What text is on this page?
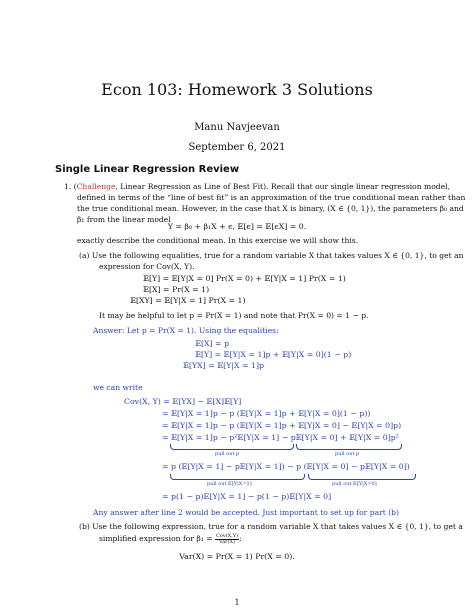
Econ 103: Homework 3 Solutions
Manu Navjeevan
September 6, 2021
Single Linear Regression Review
1. (Challenge, Linear Regression as Line of Best Fit). Recall that our single linear regression model,
defined in terms of the “line of best fit” is an approximation of the true conditional mean rather than
the true conditional mean. However, in the case that X is binary, (X ∈ {0, 1}), the parameters β₀ and
β₁ from the linear model
Y = β₀ + β₁X + ϵ, 𝔼[ϵ] = 𝔼[ϵX] = 0.
exactly describe the conditional mean. In this exercise we will show this.
(a) Use the following equalities, true for a random variable X that takes values X ∈ {0, 1}, to get an
expression for Cov(X, Y).
𝔼[Y] = 𝔼[Y|X = 0] Pr(X = 0) + 𝔼[Y|X = 1] Pr(X = 1)
𝔼[X] = Pr(X = 1)
𝔼[XY] = 𝔼[Y|X = 1] Pr(X = 1)
It may be helpful to let p = Pr(X = 1) and note that Pr(X = 0) = 1 − p.
Answer: Let p = Pr(X = 1). Using the equalities:
𝔼[X] = p
𝔼[Y] = 𝔼[Y|X = 1]p + 𝔼[Y|X = 0](1 − p)
𝔼[YX] = 𝔼[Y|X = 1]p
we can write
Cov(X, Y) = 𝔼[YX] − 𝔼[X]𝔼[Y]
= 𝔼[Y|X = 1]p − p (𝔼[Y|X = 1]p + 𝔼[Y|X = 0](1 − p))
= 𝔼[Y|X = 1]p − p (𝔼[Y|X = 1]p + 𝔼[Y|X = 0] − 𝔼[Y|X = 0]p)
= 𝔼[Y|X = 1]p − p²𝔼[Y|X = 1] − p𝔼[Y|X = 0] + 𝔼[Y|X = 0]p²
pull out p	pull out p
= p (𝔼[Y|X = 1] − p𝔼[Y|X = 1]) − p (𝔼[Y|X = 0] − p𝔼[Y|X = 0])
pull out 𝔼[Y|X=1]	pull out 𝔼[Y|X=0]
= p(1 − p)𝔼[Y|X = 1] − p(1 − p)𝔼[Y|X = 0]
Any answer after line 2 would be accepted. Just important to set up for part (b)
(b) Use the following expression, true for a random variable X that takes values X ∈ {0, 1}, to get a
simplified expression for β₁ = Cov(X,Y)
Var(X) :
Var(X) = Pr(X = 1) Pr(X = 0).
1
